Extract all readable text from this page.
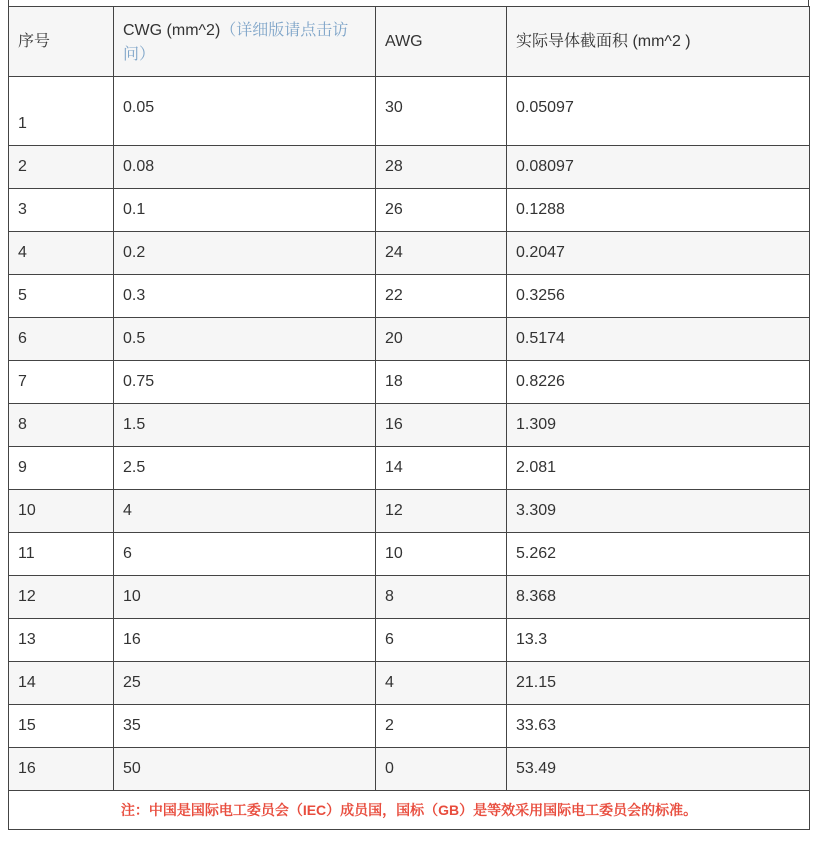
序号	CWG (mm^2)（详细版请点击访问）	AWG	实际导体截面积 (mm^2 )
1	0.05	30	0.05097
2	0.08	28	0.08097
3	0.1	26	0.1288
4	0.2	24	0.2047
5	0.3	22	0.3256
6	0.5	20	0.5174
7	0.75	18	0.8226
8	1.5	16	1.309
9	2.5	14	2.081
10	4	12	3.309
11	6	10	5.262
12	10	8	8.368
13	16	6	13.3
14	25	4	21.15
15	35	2	33.63
16	50	0	53.49
注：中国是国际电工委员会（IEC）成员国，国标（GB）是等效采用国际电工委员会的标准。			
